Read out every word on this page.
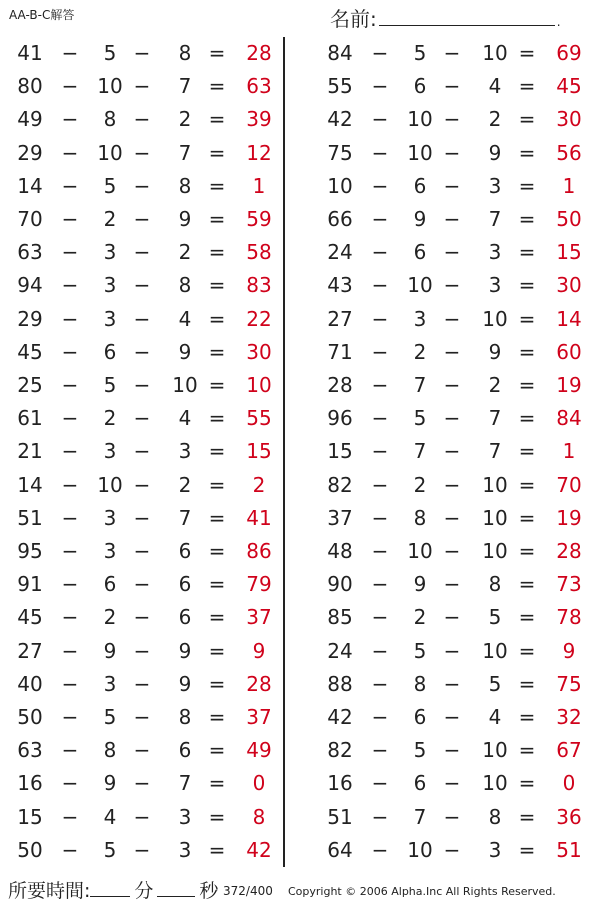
AA-B-C解答	名前:	.
41 −	5 −	8 =	28
80 − 10 −	7 =	63
49 −	8 −	2 =	39
29 − 10 −	7 =	12
14 −	5 −	8 =	1
70 −	2 −	9 =	59
63 −	3 −	2 =	58
94 −	3 −	8 =	83
29 −	3 −	4 =	22
45 −	6 −	9 =	30
25 −	5 −	10 =	10
61 −	2 −	4 =	55
21 −	3 −	3 =	15
14 − 10 −	2 =	2
51 −	3 −	7 =	41
95 −	3 −	6 =	86
91 −	6 −	6 =	79
45 −	2 −	6 =	37
27 −	9 −	9 =	9
40 −	3 −	9 =	28
50 −	5 −	8 =	37
63 −	8 −	6 =	49
16 −	9 −	7 =	0
15 −	4 −	3 =	8
50 −	5 −	3 =	42
84 −	5 −	10 =	69
55 −	6 −	4 =	45
42 − 10 −	2 =	30
75 − 10 −	9 =	56
10 −	6 −	3 =	1
66 −	9 −	7 =	50
24 −	6 −	3 =	15
43 − 10 −	3 =	30
27 −	3 −	10 =	14
71 −	2 −	9 =	60
28 −	7 −	2 =	19
96 −	5 −	7 =	84
15 −	7 −	7 =	1
82 −	2 −	10 =	70
37 −	8 −	10 =	19
48 − 10 −	10 =	28
90 −	9 −	8 =	73
85 −	2 −	5 =	78
24 −	5 −	10 =	9
88 −	8 −	5 =	75
42 −	6 −	4 =	32
82 −	5 −	10 =	67
16 −	6 −	10 =	0
51 −	7 −	8 =	36
64 − 10 −	3 =	51
所要時間: 分 秒 372/400 Copyright © 2006 Alpha.Inc All Rights Reserved.
